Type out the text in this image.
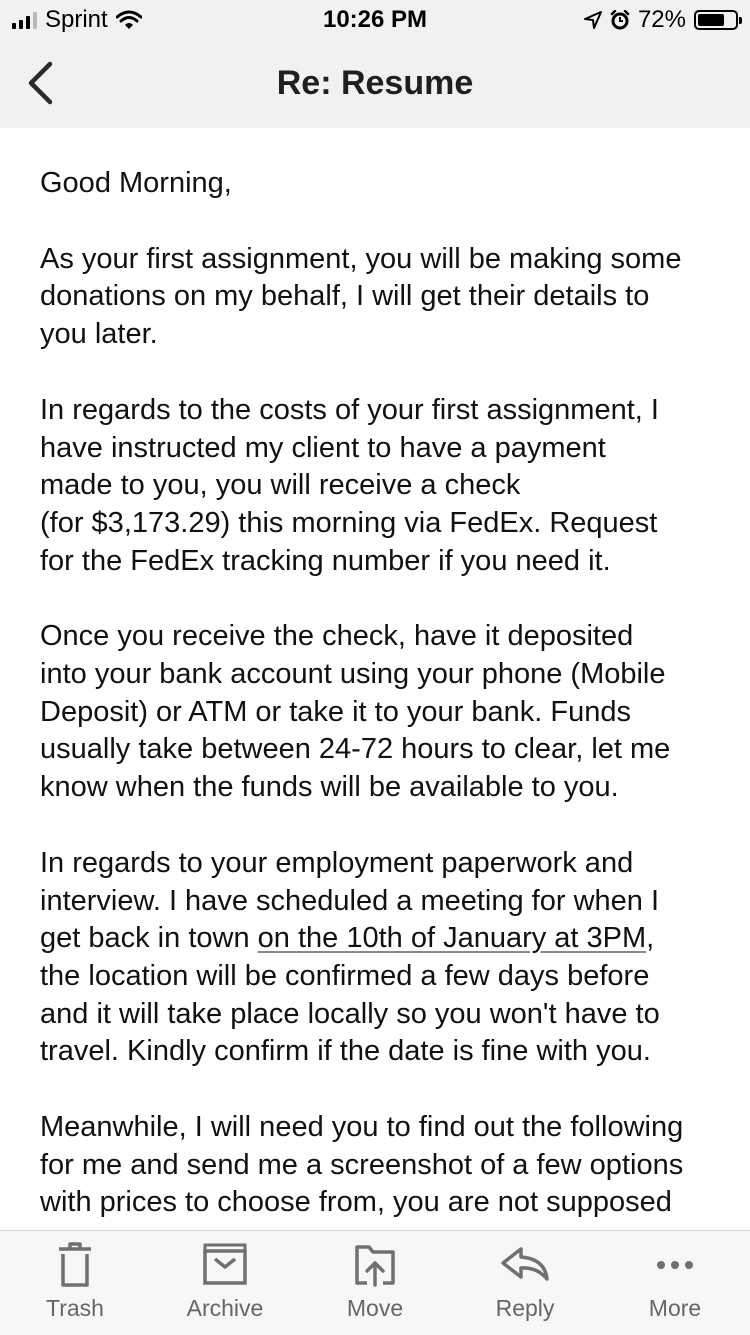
Sprint	10:26 PM	72%
Re: Resume

Good Morning,

As your first assignment, you will be making some
donations on my behalf, I will get their details to
you later.

In regards to the costs of your first assignment, I
have instructed my client to have a payment
made to you, you will receive a check
(for $3,173.29) this morning via FedEx. Request
for the FedEx tracking number if you need it.

Once you receive the check, have it deposited
into your bank account using your phone (Mobile
Deposit) or ATM or take it to your bank. Funds
usually take between 24-72 hours to clear, let me
know when the funds will be available to you.

In regards to your employment paperwork and
interview. I have scheduled a meeting for when I
get back in town on the 10th of January at 3PM,
the location will be confirmed a few days before
and it will take place locally so you won't have to
travel. Kindly confirm if the date is fine with you.

Meanwhile, I will need you to find out the following
for me and send me a screenshot of a few options
with prices to choose from, you are not supposed

Trash	Archive	Move	Reply	More
